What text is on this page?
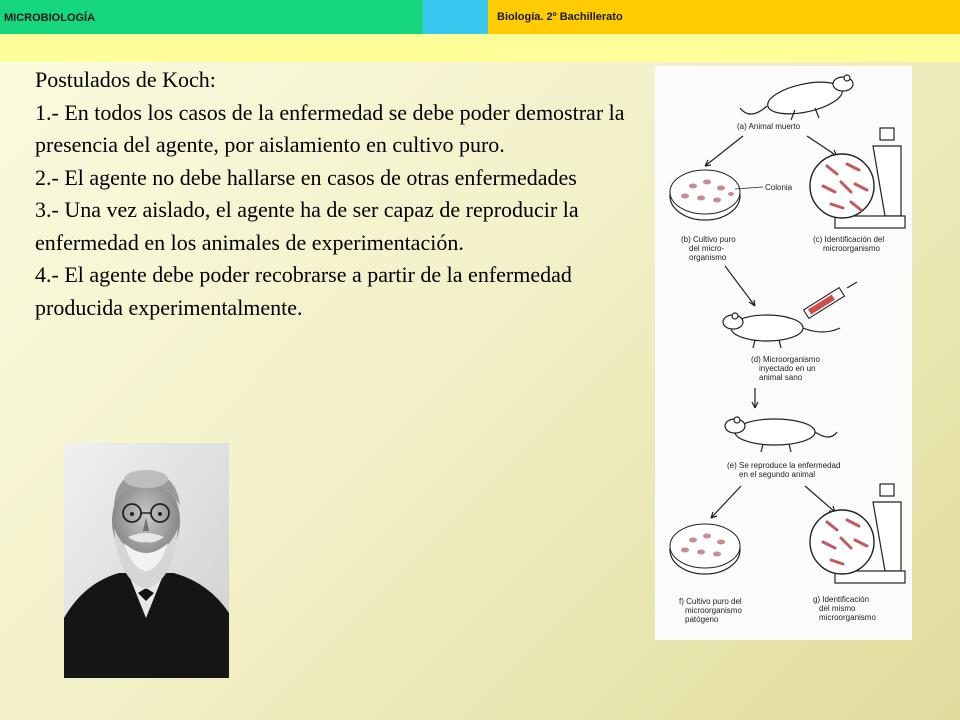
MICROBIOLOGÍA	Biología. 2º Bachillerato

Postulados de Koch:

1.- En todos los casos de la enfermedad se debe poder demostrar la presencia del agente, por aislamiento en cultivo puro.

2.- El agente no debe hallarse en casos de otras enfermedades

3.- Una vez aislado, el agente ha de ser capaz de reproducir la enfermedad en los animales de experimentación.

4.- El agente debe poder recobrarse a partir de la enfermedad producida experimentalmente.

(a) Animal muerto
Colonia
(b) Cultivo puro
del micro-
organismo
(c) Identificación del
microorganismo
(d) Microorganismo
inyectado en un
animal sano
(e) Se reproduce la enfermedad
en el segundo animal
f) Cultivo puro del
microorganismo
patógeno
g) Identificación
del mismo
microorganismo
